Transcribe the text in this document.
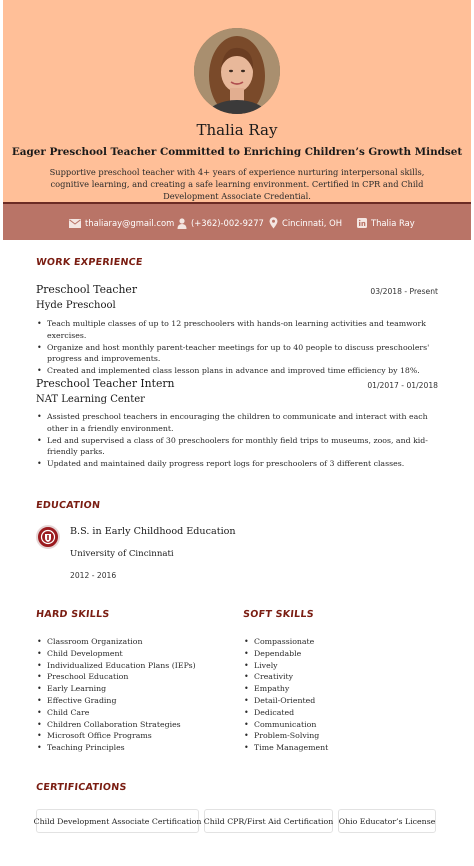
Thalia Ray
Eager Preschool Teacher Committed to Enriching Children’s Growth Mindset
Supportive preschool teacher with 4+ years of experience nurturing interpersonal skills, cognitive learning, and creating a safe learning environment. Certified in CPR and Child Development Associate Credential.
thaliaray@gmail.com (+362)-002-9277 Cincinnati, OH	Thalia Ray
WORK EXPERIENCE
Preschool Teacher	03/2018 - Present
Hyde Preschool
• Teach multiple classes of up to 12 preschoolers with hands-on learning activities and teamwork exercises.
• Organize and host monthly parent-teacher meetings for up to 40 people to discuss preschoolers' progress and improvements.
• Created and implemented class lesson plans in advance and improved time efficiency by 18%.
Preschool Teacher Intern	01/2017 - 01/2018
NAT Learning Center
• Assisted preschool teachers in encouraging the children to communicate and interact with each other in a friendly environment.
• Led and supervised a class of 30 preschoolers for monthly field trips to museums, zoos, and kid-friendly parks.
• Updated and maintained daily progress report logs for preschoolers of 3 different classes.
EDUCATION
B.S. in Early Childhood Education
University of Cincinnati
2012 - 2016
HARD SKILLS	SOFT SKILLS
• Classroom Organization
• Child Development
• Individualized Education Plans (IEPs)
• Preschool Education
• Early Learning
• Effective Grading
• Child Care
• Children Collaboration Strategies
• Microsoft Office Programs
• Teaching Principles
• Compassionate
• Dependable
• Lively
• Creativity
• Empathy
• Detail-Oriented
• Dedicated
• Communication
• Problem-Solving
• Time Management
CERTIFICATIONS
Child Development Associate Certification Child CPR/First Aid Certification Ohio Educator’s License
